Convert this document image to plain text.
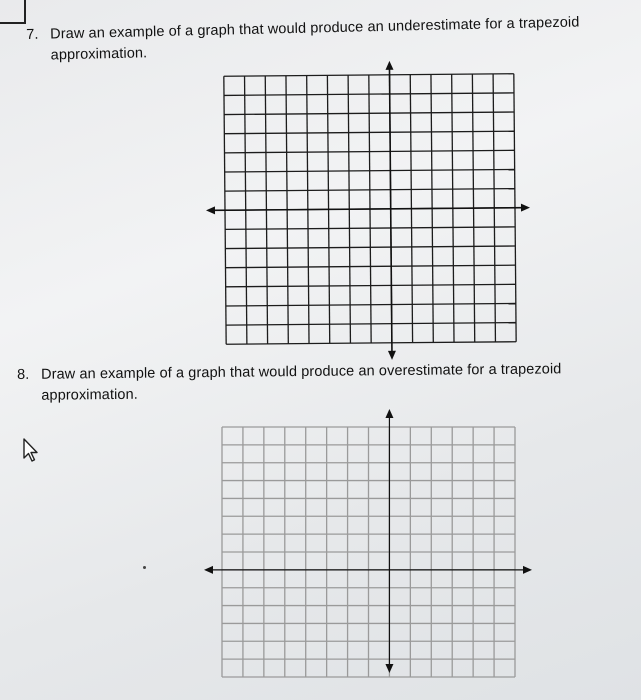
7. Draw an example of a graph that would produce an underestimate for a trapezoid
approximation.
8. Draw an example of a graph that would produce an overestimate for a trapezoid
approximation.
